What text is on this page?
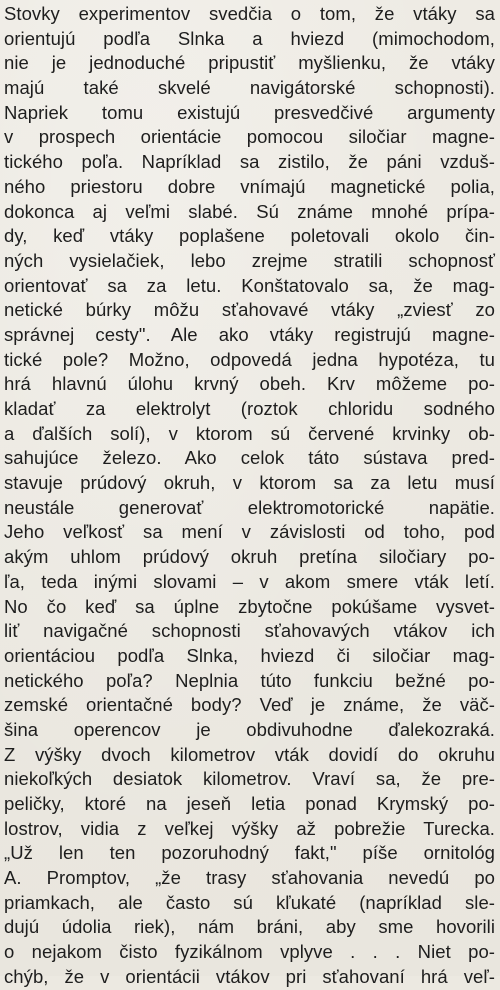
Stovky experimentov svedčia o tom, že vtáky sa
orientujú podľa Slnka a hviezd (mimochodom,
nie je jednoduché pripustiť myšlienku, že vtáky
majú také skvelé navigátorské schopnosti).
Napriek tomu existujú presvedčivé argumenty
v prospech orientácie pomocou siločiar magne-
tického poľa. Napríklad sa zistilo, že páni vzduš-
ného priestoru dobre vnímajú magnetické polia,
dokonca aj veľmi slabé. Sú známe mnohé prípa-
dy, keď vtáky poplašene poletovali okolo čin-
ných vysielačiek, lebo zrejme stratili schopnosť
orientovať sa za letu. Konštatovalo sa, že mag-
netické búrky môžu sťahovavé vtáky „zviesť zo
správnej cesty". Ale ako vtáky registrujú magne-
tické pole? Možno, odpovedá jedna hypotéza, tu
hrá hlavnú úlohu krvný obeh. Krv môžeme po-
kladať za elektrolyt (roztok chloridu sodného
a ďalších solí), v ktorom sú červené krvinky ob-
sahujúce železo. Ako celok táto sústava pred-
stavuje prúdový okruh, v ktorom sa za letu musí
neustále generovať elektromotorické napätie.
Jeho veľkosť sa mení v závislosti od toho, pod
akým uhlom prúdový okruh pretína siločiary po-
ľa, teda inými slovami – v akom smere vták letí.
No čo keď sa úplne zbytočne pokúšame vysvet-
liť navigačné schopnosti sťahovavých vtákov ich
orientáciou podľa Slnka, hviezd či siločiar mag-
netického poľa? Neplnia túto funkciu bežné po-
zemské orientačné body? Veď je známe, že väč-
šina operencov je obdivuhodne ďalekozraká.
Z výšky dvoch kilometrov vták dovidí do okruhu
niekoľkých desiatok kilometrov. Vraví sa, že pre-
peličky, ktoré na jeseň letia ponad Krymský po-
lostrov, vidia z veľkej výšky až pobrežie Turecka.
„Už len ten pozoruhodný fakt," píše ornitológ
A. Promptov, „že trasy sťahovania nevedú po
priamkach, ale často sú kľukaté (napríklad sle-
dujú údolia riek), nám bráni, aby sme hovorili
o nejakom čisto fyzikálnom vplyve . . . Niet po-
chýb, že v orientácii vtákov pri sťahovaní hrá veľ-
